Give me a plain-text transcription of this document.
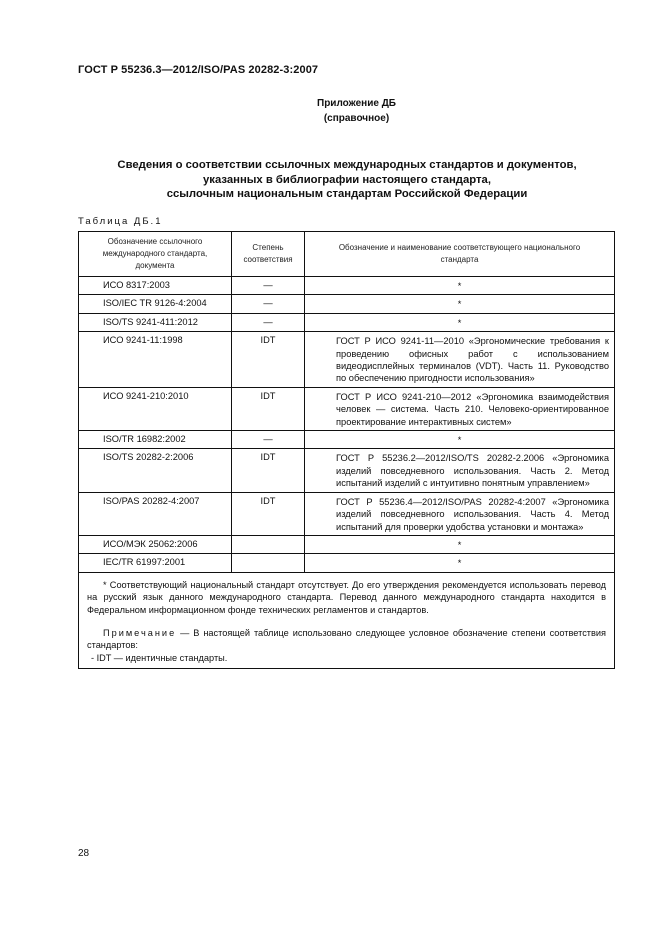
ГОСТ Р 55236.3—2012/ISO/PAS 20282-3:2007
Приложение ДБ
(справочное)
Сведения о соответствии ссылочных международных стандартов и документов,
указанных в библиографии настоящего стандарта,
ссылочным национальным стандартам Российской Федерации
Таблица ДБ.1
Обозначение ссылочного международного стандарта, документа	Степень соответствия	Обозначение и наименование соответствующего национального стандарта
ИСО 8317:2003	—	*
ISO/IEC TR 9126-4:2004	—	*
ISO/TS 9241-411:2012	—	*
ИСО 9241-11:1998	IDT	ГОСТ Р ИСО 9241-11—2010 «Эргономические требования к проведению офисных работ с использованием видеодисплейных терминалов (VDT). Часть 11. Руководство по обеспечению пригодности использования»

ИСО 9241-210:2010	IDT	ГОСТ Р ИСО 9241-210—2012 «Эргономика взаимодействия человек — система. Часть 210. Человеко-ориентированное проектирование интерактивных систем»

ISO/TR 16982:2002	—	*
ISO/TS 20282-2:2006	IDT	ГОСТ Р 55236.2—2012/ISO/TS 20282-2.2006 «Эргономика изделий повседневного использования. Часть 2. Метод испытаний изделий с интуитивно понятным управлением»

ISO/PAS 20282-4:2007	IDT	ГОСТ Р 55236.4—2012/ISO/PAS 20282-4:2007 «Эргономика изделий повседневного использования. Часть 4. Метод испытаний для проверки удобства установки и монтажа»

ИСО/МЭК 25062:2006		*
IEC/TR 61997:2001		*

* Соответствующий национальный стандарт отсутствует. До его утверждения рекомендуется использовать перевод на русский язык данного международного стандарта. Перевод данного международного стандарта находится в Федеральном информационном фонде технических регламентов и стандартов.

Примечание — В настоящей таблице использовано следующее условное обозначение степени соответствия стандартов:

- IDT — идентичные стандарты.		

28
